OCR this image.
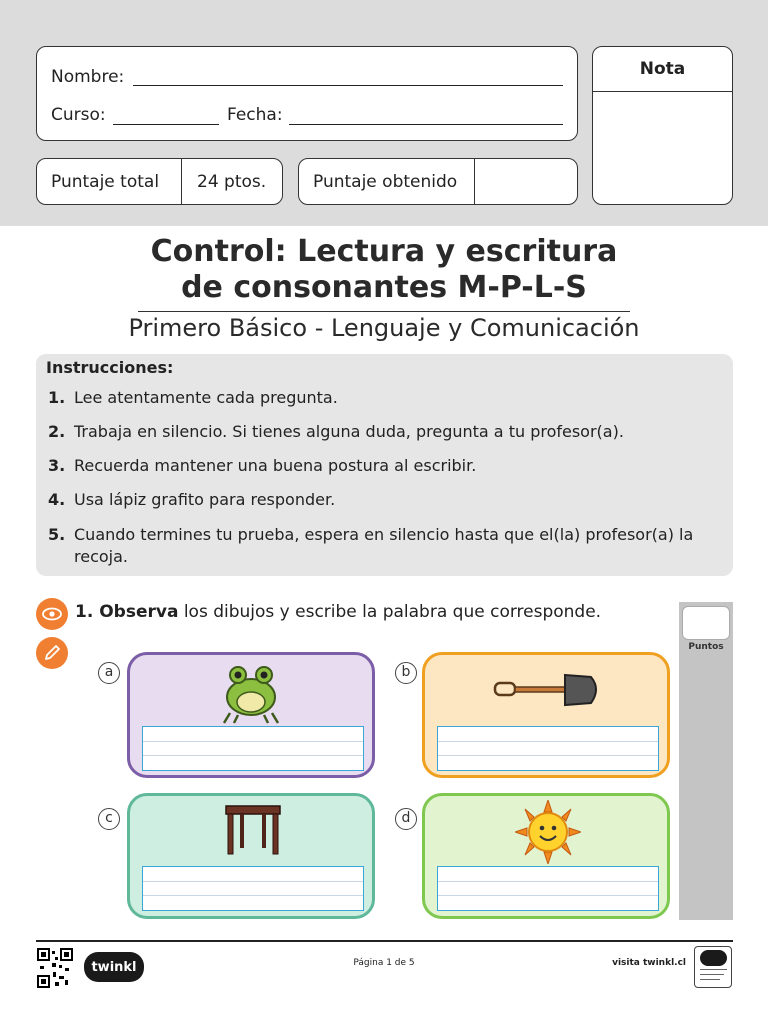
Nombre:
Curso:	Fecha:
Nota
Puntaje total 24 ptos.	Puntaje obtenido
Control: Lectura y escritura
de consonantes M-P-L-S
Primero Básico - Lenguaje y Comunicación
Instrucciones:
1. Lee atentamente cada pregunta.
2. Trabaja en silencio. Si tienes alguna duda, pregunta a tu profesor(a).
3. Recuerda mantener una buena postura al escribir.
4. Usa lápiz grafito para responder.
5. Cuando termines tu prueba, espera en silencio hasta que el(la) profesor(a) la recoja.
1. Observa los dibujos y escribe la palabra que corresponde.
Puntos
a	b
c	d
twinkl	Página 1 de 5	visita twinkl.cl
